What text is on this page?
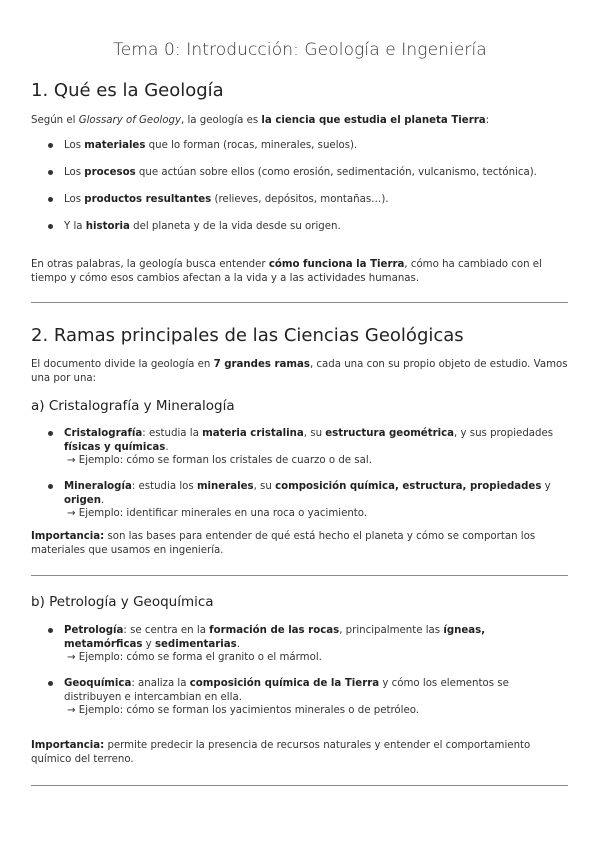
Tema 0: Introducción: Geología e Ingeniería
1. Qué es la Geología
Según el Glossary of Geology, la geología es la ciencia que estudia el planeta Tierra:
Los materiales que lo forman (rocas, minerales, suelos).
Los procesos que actúan sobre ellos (como erosión, sedimentación, vulcanismo, tectónica).
Los productos resultantes (relieves, depósitos, montañas…).
Y la historia del planeta y de la vida desde su origen.
En otras palabras, la geología busca entender cómo funciona la Tierra, cómo ha cambiado con el tiempo y cómo esos cambios afectan a la vida y a las actividades humanas.
2. Ramas principales de las Ciencias Geológicas
El documento divide la geología en 7 grandes ramas, cada una con su propio objeto de estudio. Vamos una por una:
a) Cristalografía y Mineralogía
Cristalografía: estudia la materia cristalina, su estructura geométrica, y sus propiedades físicas y químicas.
→ Ejemplo: cómo se forman los cristales de cuarzo o de sal.
Mineralogía: estudia los minerales, su composición química, estructura, propiedades y origen.
→ Ejemplo: identificar minerales en una roca o yacimiento.
Importancia: son las bases para entender de qué está hecho el planeta y cómo se comportan los materiales que usamos en ingeniería.
b) Petrología y Geoquímica
Petrología: se centra en la formación de las rocas, principalmente las ígneas, metamórficas y sedimentarias.
→ Ejemplo: cómo se forma el granito o el mármol.
Geoquímica: analiza la composición química de la Tierra y cómo los elementos se distribuyen e intercambian en ella.
→ Ejemplo: cómo se forman los yacimientos minerales o de petróleo.
Importancia: permite predecir la presencia de recursos naturales y entender el comportamiento químico del terreno.
